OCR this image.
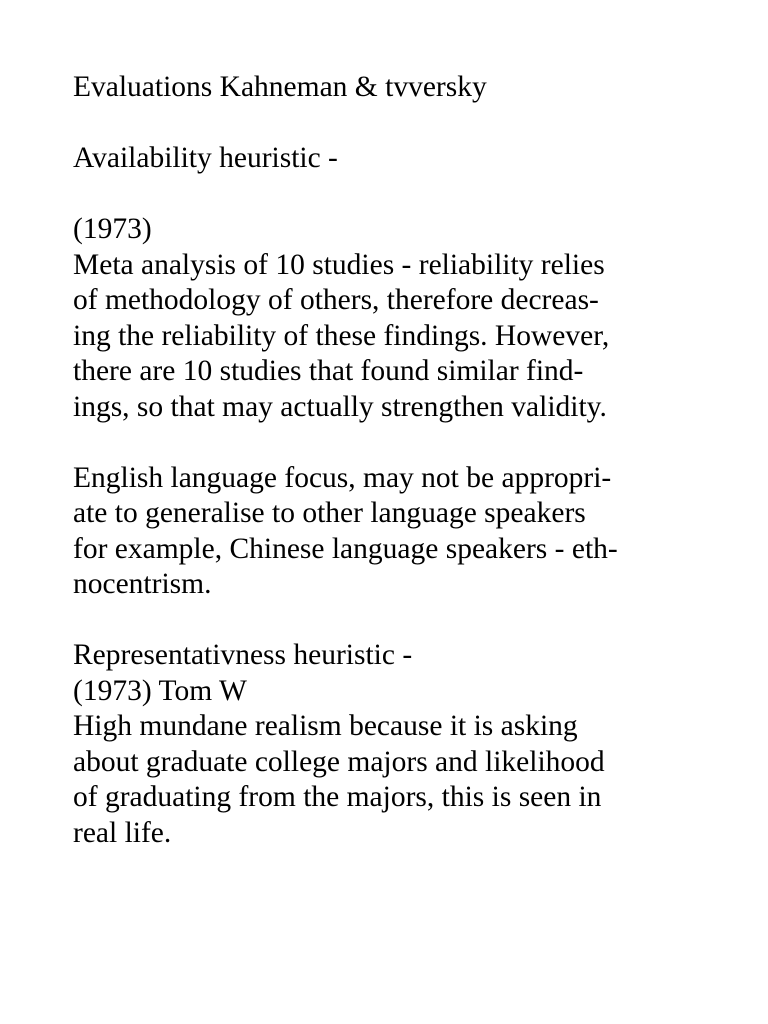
Evaluations Kahneman & tvversky
Availability heuristic -
(1973)
Meta analysis of 10 studies - reliability relies
of methodology of others, therefore decreas-
ing the reliability of these findings. However,
there are 10 studies that found similar find-
ings, so that may actually strengthen validity.
English language focus, may not be appropri-
ate to generalise to other language speakers
for example, Chinese language speakers - eth-
nocentrism.
Representativness heuristic -
(1973) Tom W
High mundane realism because it is asking
about graduate college majors and likelihood
of graduating from the majors, this is seen in
real life.
